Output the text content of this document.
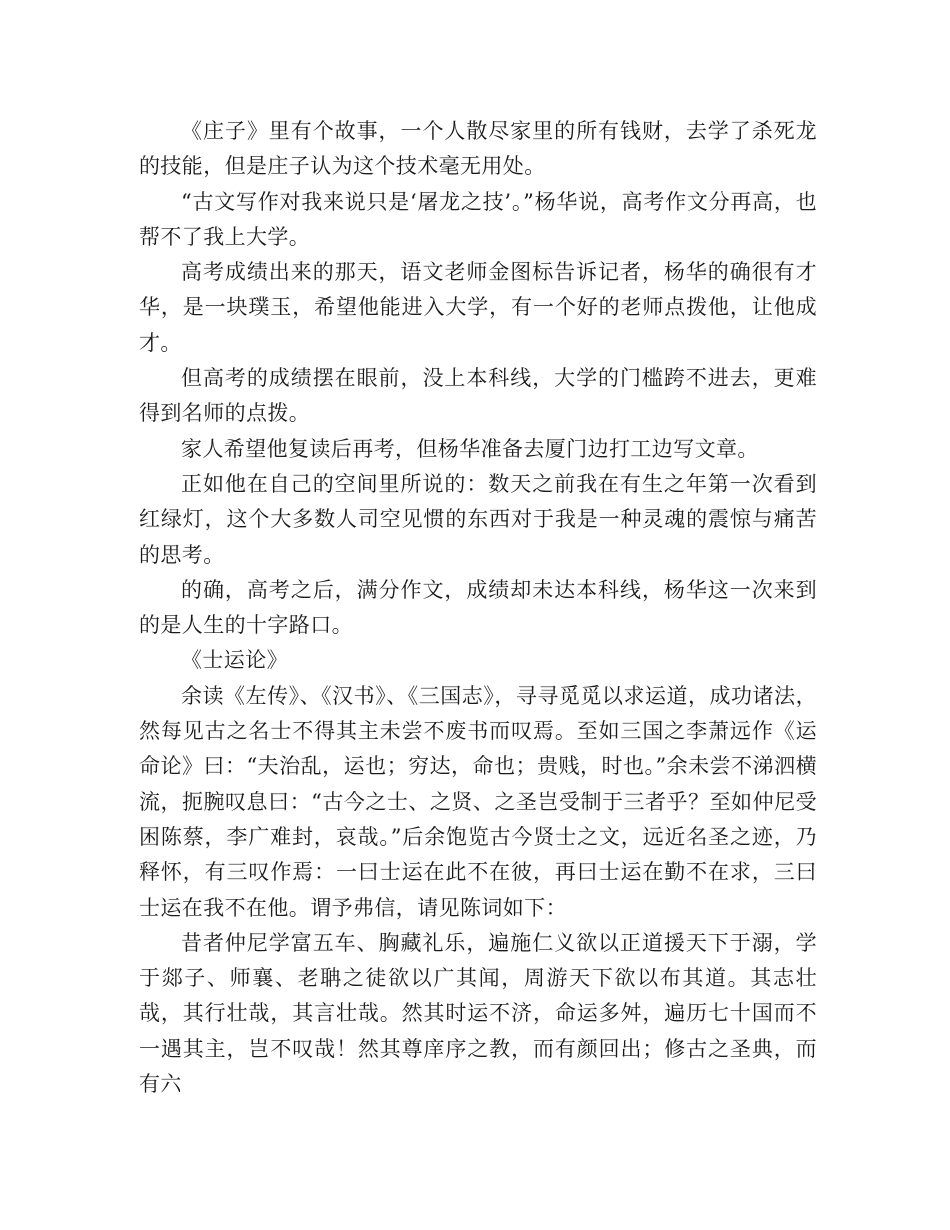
《庄子》里有个故事，一个人散尽家里的所有钱财，去学了杀死龙的技能，但是庄子认为这个技术毫无用处。

“古文写作对我来说只是‘屠龙之技’。”杨华说，高考作文分再高，也帮不了我上大学。

高考成绩出来的那天，语文老师金图标告诉记者，杨华的确很有才华，是一块璞玉，希望他能进入大学，有一个好的老师点拨他，让他成才。

但高考的成绩摆在眼前，没上本科线，大学的门槛跨不进去，更难得到名师的点拨。

家人希望他复读后再考，但杨华准备去厦门边打工边写文章。

正如他在自己的空间里所说的：数天之前我在有生之年第一次看到红绿灯，这个大多数人司空见惯的东西对于我是一种灵魂的震惊与痛苦的思考。

的确，高考之后，满分作文，成绩却未达本科线，杨华这一次来到的是人生的十字路口。

《士运论》

余读《左传》、《汉书》、《三国志》，寻寻觅觅以求运道，成功诸法，然每见古之名士不得其主未尝不废书而叹焉。至如三国之李萧远作《运命论》曰：“夫治乱，运也；穷达，命也；贵贱，时也。”余未尝不涕泗横流，扼腕叹息曰：“古今之士、之贤、之圣岂受制于三者乎？至如仲尼受困陈蔡，李广难封，哀哉。”后余饱览古今贤士之文，远近名圣之迹，乃释怀，有三叹作焉：一曰士运在此不在彼，再曰士运在勤不在求，三曰士运在我不在他。谓予弗信，请见陈词如下：

昔者仲尼学富五车、胸藏礼乐，遍施仁义欲以正道援天下于溺，学于郯子、师襄、老聃之徒欲以广其闻，周游天下欲以布其道。其志壮哉，其行壮哉，其言壮哉。然其时运不济，命运多舛，遍历七十国而不一遇其主，岂不叹哉！然其尊庠序之教，而有颜回出；修古之圣典，而有六
